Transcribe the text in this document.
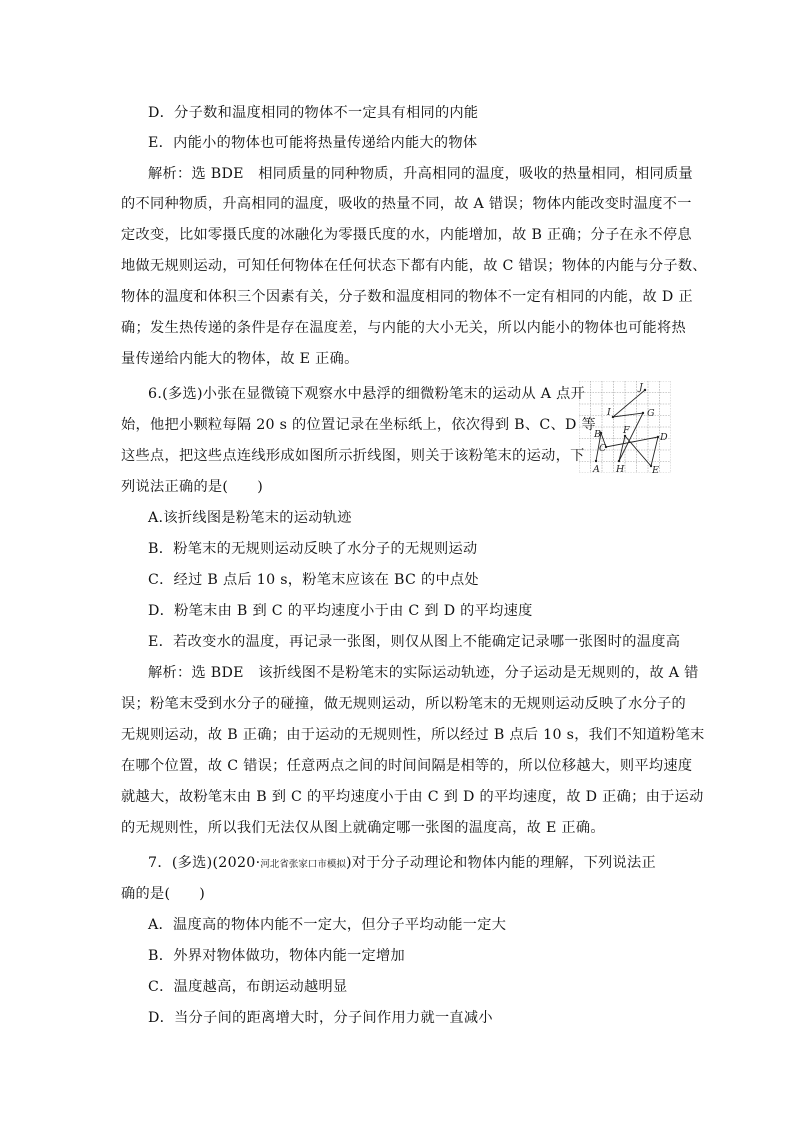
D．分子数和温度相同的物体不一定具有相同的内能
E．内能小的物体也可能将热量传递给内能大的物体
解析：选 BDE　相同质量的同种物质，升高相同的温度，吸收的热量相同，相同质量
的不同种物质，升高相同的温度，吸收的热量不同，故 A 错误；物体内能改变时温度不一
定改变，比如零摄氏度的冰融化为零摄氏度的水，内能增加，故 B 正确；分子在永不停息
地做无规则运动，可知任何物体在任何状态下都有内能，故 C 错误；物体的内能与分子数、
物体的温度和体积三个因素有关，分子数和温度相同的物体不一定有相同的内能，故 D 正
确；发生热传递的条件是存在温度差，与内能的大小无关，所以内能小的物体也可能将热
量传递给内能大的物体，故 E 正确。
6.(多选)小张在显微镜下观察水中悬浮的细微粉笔末的运动从 A 点开
始，他把小颗粒每隔 20 s 的位置记录在坐标纸上，依次得到 B、C、D 等
这些点，把这些点连线形成如图所示折线图，则关于该粉笔末的运动，下
列说法正确的是(　　)
A
B
C
D
E
F
G
H
I
J
A.该折线图是粉笔末的运动轨迹
B．粉笔末的无规则运动反映了水分子的无规则运动
C．经过 B 点后 10 s，粉笔末应该在 BC 的中点处
D．粉笔末由 B 到 C 的平均速度小于由 C 到 D 的平均速度
E．若改变水的温度，再记录一张图，则仅从图上不能确定记录哪一张图时的温度高
解析：选 BDE　该折线图不是粉笔末的实际运动轨迹，分子运动是无规则的，故 A 错
误；粉笔末受到水分子的碰撞，做无规则运动，所以粉笔末的无规则运动反映了水分子的
无规则运动，故 B 正确；由于运动的无规则性，所以经过 B 点后 10 s，我们不知道粉笔末
在哪个位置，故 C 错误；任意两点之间的时间间隔是相等的，所以位移越大，则平均速度
就越大，故粉笔末由 B 到 C 的平均速度小于由 C 到 D 的平均速度，故 D 正确；由于运动
的无规则性，所以我们无法仅从图上就确定哪一张图的温度高，故 E 正确。
7．(多选)(2020·河北省张家口市模拟)对于分子动理论和物体内能的理解，下列说法正
确的是(　　)
A．温度高的物体内能不一定大，但分子平均动能一定大
B．外界对物体做功，物体内能一定增加
C．温度越高，布朗运动越明显
D．当分子间的距离增大时，分子间作用力就一直减小
